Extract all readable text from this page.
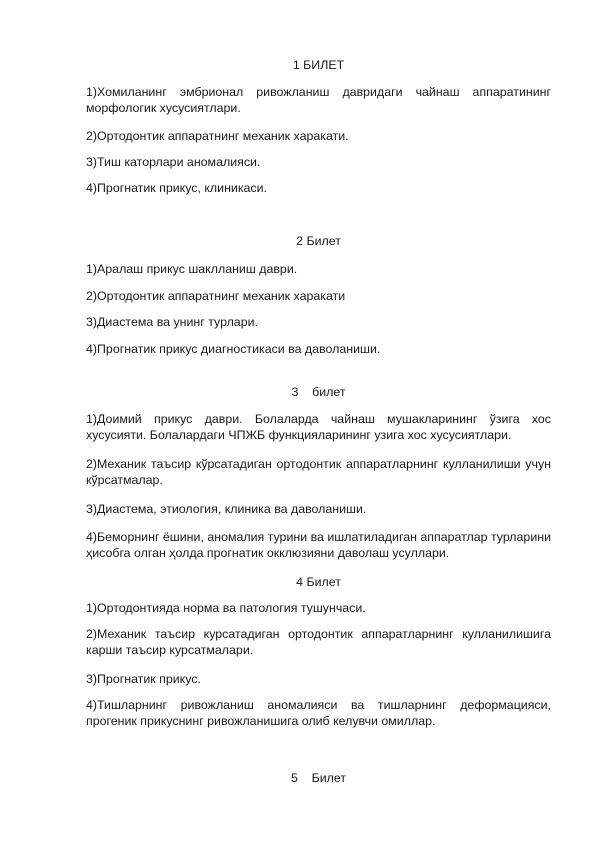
1 БИЛЕТ

1)Хомиланинг эмбрионал ривожланиш давридаги чайнаш аппаратининг морфологик хусусиятлари.

2)Ортодонтик аппаратнинг механик харакати.

3)Тиш каторлари аномалияси.

4)Прогнатик прикус, клиникаси.

2 Билет

1)Аралаш прикус шаклланиш даври.

2)Ортодонтик аппаратнинг механик харакати

3)Диастема ва унинг турлари.

4)Прогнатик прикус диагностикаси ва даволаниши.

3    билет

1)Доимий прикус даври. Болаларда чайнаш мушакларининг ўзига хос хусусияти. Болалардаги ЧПЖБ функцияларининг узига хос хусусиятлари.

2)Механик таъсир кўрсатадиган ортодонтик аппаратларнинг кулланилиши учун кўрсатмалар.

3)Диастема, этиология, клиника ва даволаниши.

4)Беморнинг ёшини, аномалия турини ва ишлатиладиган аппаратлар турларини ҳисобга олган ҳолда прогнатик окклюзияни даволаш усуллари.

4 Билет

1)Ортодонтияда норма ва патология тушунчаси.

2)Механик таъсир курсатадиган ортодонтик аппаратларнинг кулланилишига карши таъсир курсатмалари.

3)Прогнатик прикус.

4)Тишларнинг ривожланиш аномалияси ва тишларнинг деформацияси, прогеник прикуснинг ривожланишига олиб келувчи омиллар.

5    Билет
